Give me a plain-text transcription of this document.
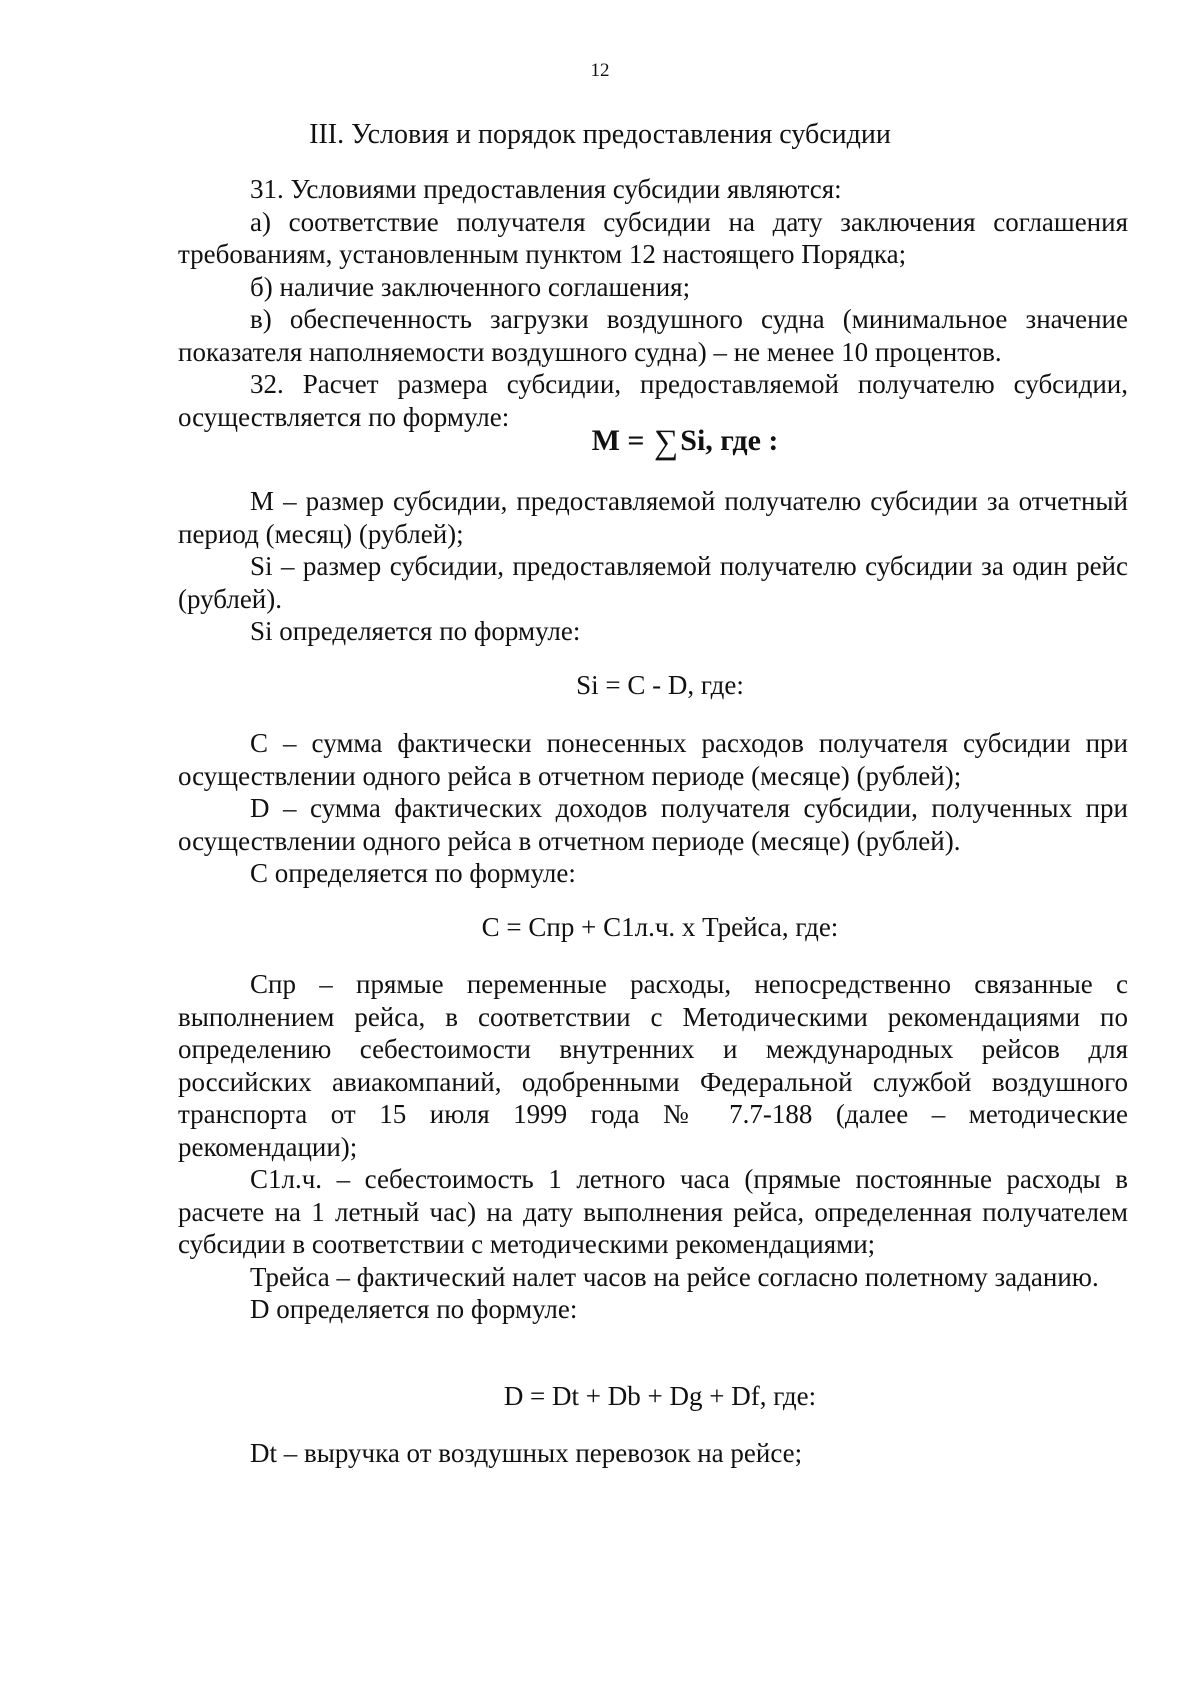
12
III. Условия и порядок предоставления субсидии

31. Условиями предоставления субсидии являются:

а) соответствие получателя субсидии на дату заключения соглашения требованиям, установленным пунктом 12 настоящего Порядка;

б) наличие заключенного соглашения;

в) обеспеченность загрузки воздушного судна (минимальное значение показателя наполняемости воздушного судна) – не менее 10 процентов.

32. Расчет размера субсидии, предоставляемой получателю субсидии, осуществляется по формуле:

М – размер субсидии, предоставляемой получателю субсидии за отчетный период (месяц) (рублей);

Si – размер субсидии, предоставляемой получателю субсидии за один рейс (рублей).

Si определяется по формуле:

С – сумма фактически понесенных расходов получателя субсидии при осуществлении одного рейса в отчетном периоде (месяце) (рублей);

D – сумма фактических доходов получателя субсидии, полученных при осуществлении одного рейса в отчетном периоде (месяце) (рублей).

С определяется по формуле:

Спр – прямые переменные расходы, непосредственно связанные с выполнением рейса, в соответствии с Методическими рекомендациями по определению себестоимости внутренних и международных рейсов для российских авиакомпаний, одобренными Федеральной службой воздушного транспорта от 15 июля 1999 года № 7.7-188 (далее – методические рекомендации);

С1л.ч. – себестоимость 1 летного часа (прямые постоянные расходы в расчете на 1 летный час) на дату выполнения рейса, определенная получателем субсидии в соответствии с методическими рекомендациями;

Трейса – фактический налет часов на рейсе согласно полетному заданию.

D определяется по формуле:

Dt – выручка от воздушных перевозок на рейсе;

М = ∑Si, где :
Si = C - D, где:
С = Спр + С1л.ч. х Трейса, где:
D = Dt + Db + Dg + Df, где:
